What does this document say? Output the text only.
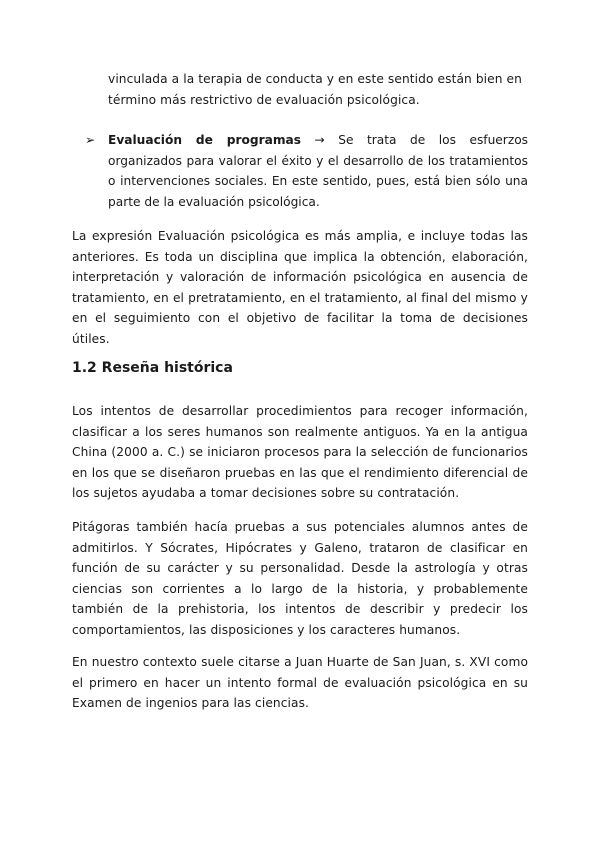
vinculada a la terapia de conducta y en este sentido están bien en término más restrictivo de evaluación psicológica.
➢ Evaluación de programas → Se trata de los esfuerzos organizados para valorar el éxito y el desarrollo de los tratamientos o intervenciones sociales. En este sentido, pues, está bien sólo una parte de la evaluación psicológica.
La expresión Evaluación psicológica es más amplia, e incluye todas las anteriores. Es toda un disciplina que implica la obtención, elaboración, interpretación y valoración de información psicológica en ausencia de tratamiento, en el pretratamiento, en el tratamiento, al final del mismo y en el seguimiento con el objetivo de facilitar la toma de decisiones útiles.
1.2 Reseña histórica
Los intentos de desarrollar procedimientos para recoger información, clasificar a los seres humanos son realmente antiguos. Ya en la antigua China (2000 a. C.) se iniciaron procesos para la selección de funcionarios en los que se diseñaron pruebas en las que el rendimiento diferencial de los sujetos ayudaba a tomar decisiones sobre su contratación.
Pitágoras también hacía pruebas a sus potenciales alumnos antes de admitirlos. Y Sócrates, Hipócrates y Galeno, trataron de clasificar en función de su carácter y su personalidad. Desde la astrología y otras ciencias son corrientes a lo largo de la historia, y probablemente también de la prehistoria, los intentos de describir y predecir los comportamientos, las disposiciones y los caracteres humanos.
En nuestro contexto suele citarse a Juan Huarte de San Juan, s. XVI como el primero en hacer un intento formal de evaluación psicológica en su Examen de ingenios para las ciencias.
